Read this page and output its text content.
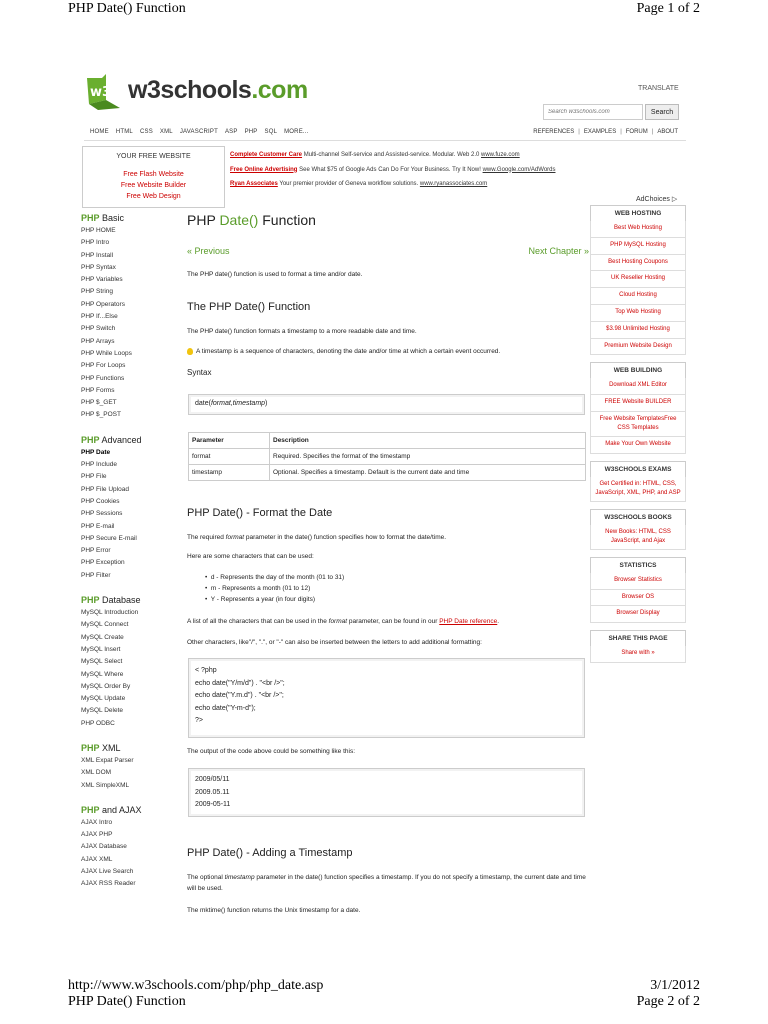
PHP Date() Function	Page 1 of 2
w3 w3schools.com	TRANSLATE
Search w3schools.com
Search
HOME HTML CSS XML JAVASCRIPT ASP PHP SQL MORE...	REFERENCES | EXAMPLES | FORUM | ABOUT
YOUR FREE WEBSITE
Free Flash Website
Free Website Builder
Free Web Design
Complete Customer Care Multi-channel Self-service and Assisted-service. Modular. Web 2.0 www.fuze.com
Free Online Advertising See What $75 of Google Ads Can Do For Your Business. Try It Now! www.Google.com/AdWords
Ryan Associates Your premier provider of Geneva workflow solutions. www.ryanassociates.com
AdChoices ▷
PHP Basic
PHP HOME
PHP Intro
PHP Install
PHP Syntax
PHP Variables
PHP String
PHP Operators
PHP If...Else
PHP Switch
PHP Arrays
PHP While Loops
PHP For Loops
PHP Functions
PHP Forms
PHP $_GET
PHP $_POST
PHP Advanced
PHP Date
PHP Include
PHP File
PHP File Upload
PHP Cookies
PHP Sessions
PHP E-mail
PHP Secure E-mail
PHP Error
PHP Exception
PHP Filter
PHP Database
MySQL Introduction
MySQL Connect
MySQL Create
MySQL Insert
MySQL Select
MySQL Where
MySQL Order By
MySQL Update
MySQL Delete
PHP ODBC
PHP XML
XML Expat Parser
XML DOM
XML SimpleXML
PHP and AJAX
AJAX Intro
AJAX PHP
AJAX Database
AJAX XML
AJAX Live Search
AJAX RSS Reader
PHP Date() Function
« Previous	Next Chapter »
The PHP date() function is used to format a time and/or date.
The PHP Date() Function
The PHP date() function formats a timestamp to a more readable date and time.
A timestamp is a sequence of characters, denoting the date and/or time at which a certain event occurred.
Syntax
date(format,timestamp)
Parameter	Description
format	Required. Specifies the format of the timestamp
timestamp	Optional. Specifies a timestamp. Default is the current date and time
PHP Date() - Format the Date
The required format parameter in the date() function specifies how to format the date/time.
Here are some characters that can be used:
•  d - Represents the day of the month (01 to 31)
•  m - Represents a month (01 to 12)
•  Y - Represents a year (in four digits)
A list of all the characters that can be used in the format parameter, can be found in our PHP Date reference.
Other characters, like"/", ".", or "-" can also be inserted between the letters to add additional formatting:
< ?php
echo date("Y/m/d") . "<br />";
echo date("Y.m.d") . "<br />";
echo date("Y-m-d");
?>
The output of the code above could be something like this:
2009/05/11
2009.05.11
2009-05-11
PHP Date() - Adding a Timestamp
The optional timestamp parameter in the date() function specifies a timestamp. If you do not specify a timestamp, the current date and time will be used.
The mktime() function returns the Unix timestamp for a date.
WEB HOSTING
Best Web Hosting
PHP MySQL Hosting
Best Hosting Coupons
UK Reseller Hosting
Cloud Hosting
Top Web Hosting
$3.98 Unlimited Hosting
Premium Website Design
WEB BUILDING
Download XML Editor
FREE Website BUILDER
Free Website TemplatesFree CSS Templates
Make Your Own Website
W3SCHOOLS EXAMS
Get Certified in: HTML, CSS, JavaScript, XML, PHP, and ASP
W3SCHOOLS BOOKS
New Books: HTML, CSS JavaScript, and Ajax
STATISTICS
Browser Statistics
Browser OS
Browser Display
SHARE THIS PAGE
Share with »
http://www.w3schools.com/php/php_date.asp	3/1/2012
PHP Date() Function	Page 2 of 2
